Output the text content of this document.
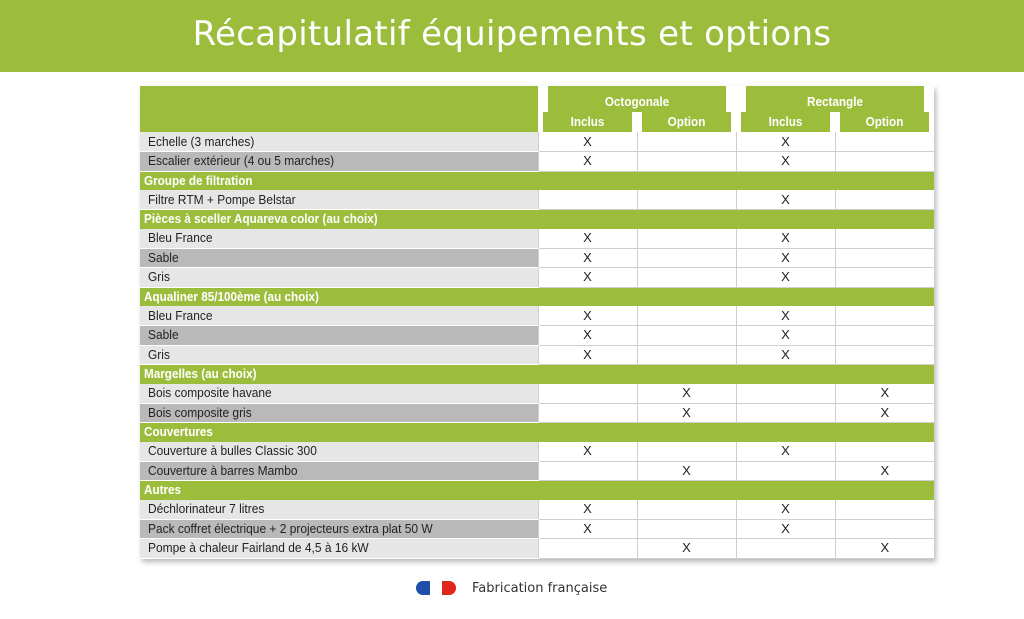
Récapitulatif équipements et options
	Octogonale		Rectangle	
	Inclus	Option	Inclus	Option
Echelle (3 marches)	X		X	
Escalier extérieur (4 ou 5 marches)	X		X	
Groupe de filtration				
Filtre RTM + Pompe Belstar			X	
Pièces à sceller Aquareva color (au choix)				
Bleu France	X		X	
Sable	X		X	
Gris	X		X	
Aqualiner 85/100ème (au choix)				
Bleu France	X		X	
Sable	X		X	
Gris	X		X	
Margelles (au choix)				
Bois composite havane		X		X
Bois composite gris		X		X
Couvertures				
Couverture à bulles Classic 300	X		X	
Couverture à barres Mambo		X		X
Autres				
Déchlorinateur 7 litres	X		X	
Pack coffret électrique + 2 projecteurs extra plat 50 W	X		X	
Pompe à chaleur Fairland de 4,5 à 16 kW		X		X
Fabrication française
